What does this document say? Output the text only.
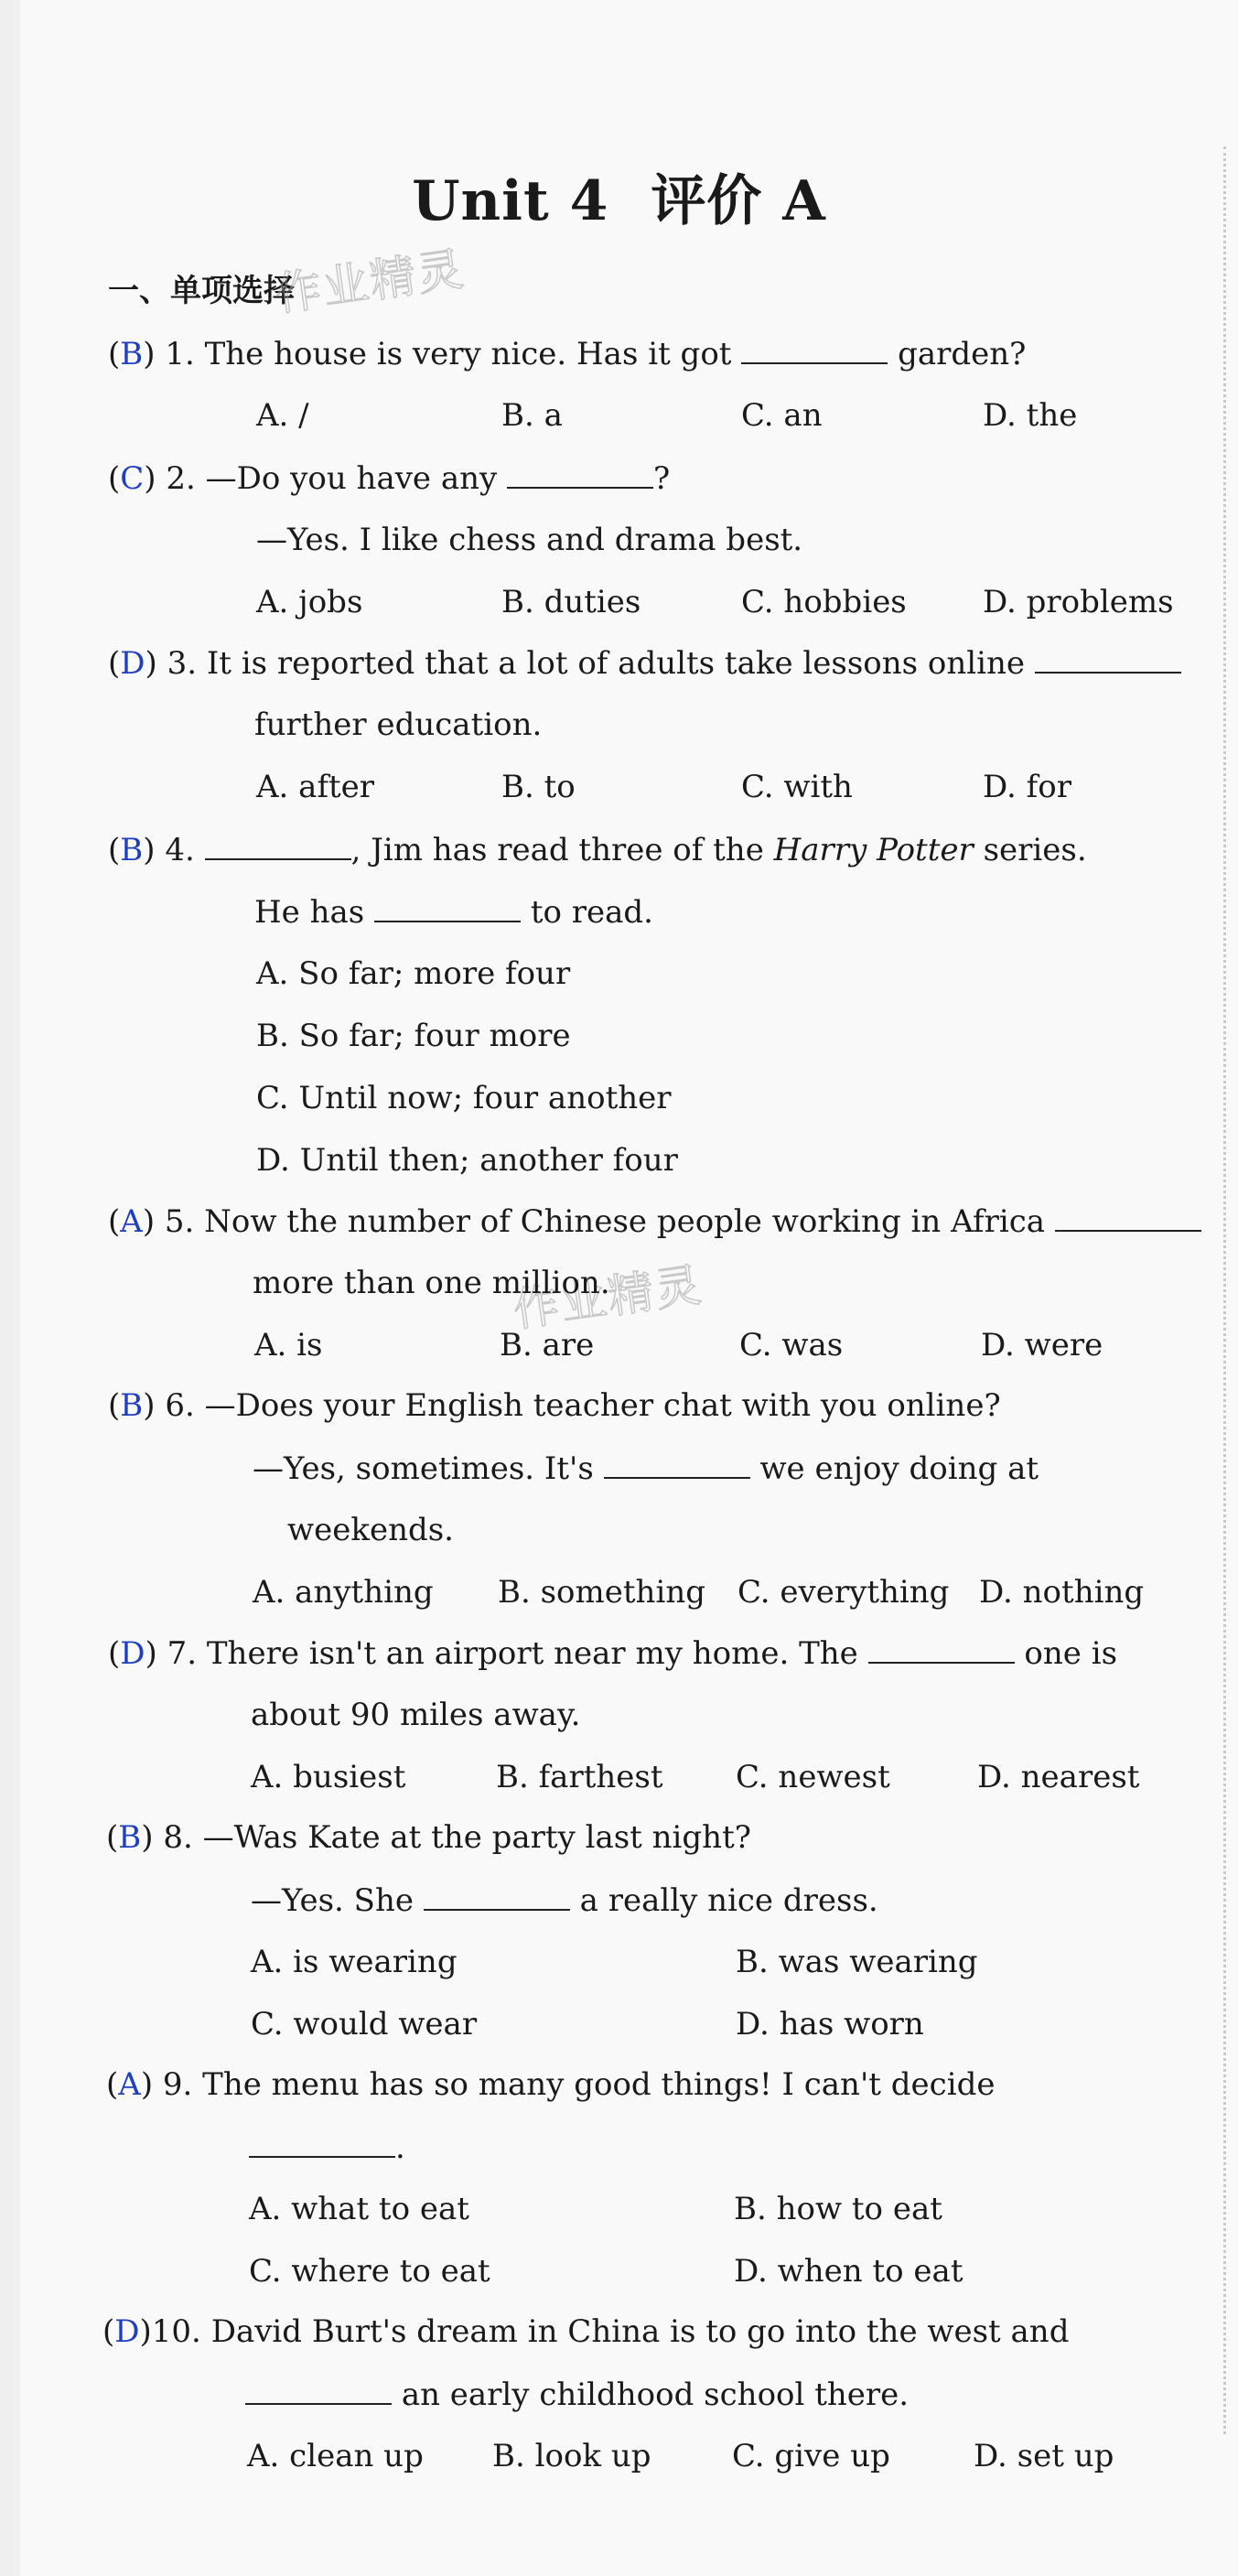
Unit 4 评价 A
一、单项选择
作业精灵
作业精灵
(B) 1. The house is very nice. Has it got	garden?
A. /	B. a	C. an	D. the
(C) 2. —Do you have any	?
—Yes. I like chess and drama best.
A. jobs	B. duties	C. hobbies D. problems
(D) 3. It is reported that a lot of adults take lessons online
further education.
A. after	B. to	C. with	D. for
(B) 4.	, Jim has read three of the Harry Potter series.
He has	to read.
A. So far; more four
B. So far; four more
C. Until now; four another
D. Until then; another four
(A) 5. Now the number of Chinese people working in Africa
more than one million.
A. is	B. are	C. was	D. were
(B) 6. —Does your English teacher chat with you online?
—Yes, sometimes. It's	we enjoy doing at
weekends.
A. anything B. something C. everything D. nothing
(D) 7. There isn't an airport near my home. The	one is
about 90 miles away.
A. busiest	B. farthest C. newest	D. nearest
(B) 8. —Was Kate at the party last night?
—Yes. She	a really nice dress.
A. is wearing	B. was wearing
C. would wear	D. has worn
(A) 9. The menu has so many good things! I can't decide
.
A. what to eat	B. how to eat
C. where to eat	D. when to eat
(D)10. David Burt's dream in China is to go into the west and
an early childhood school there.
A. clean up B. look up	C. give up	D. set up
